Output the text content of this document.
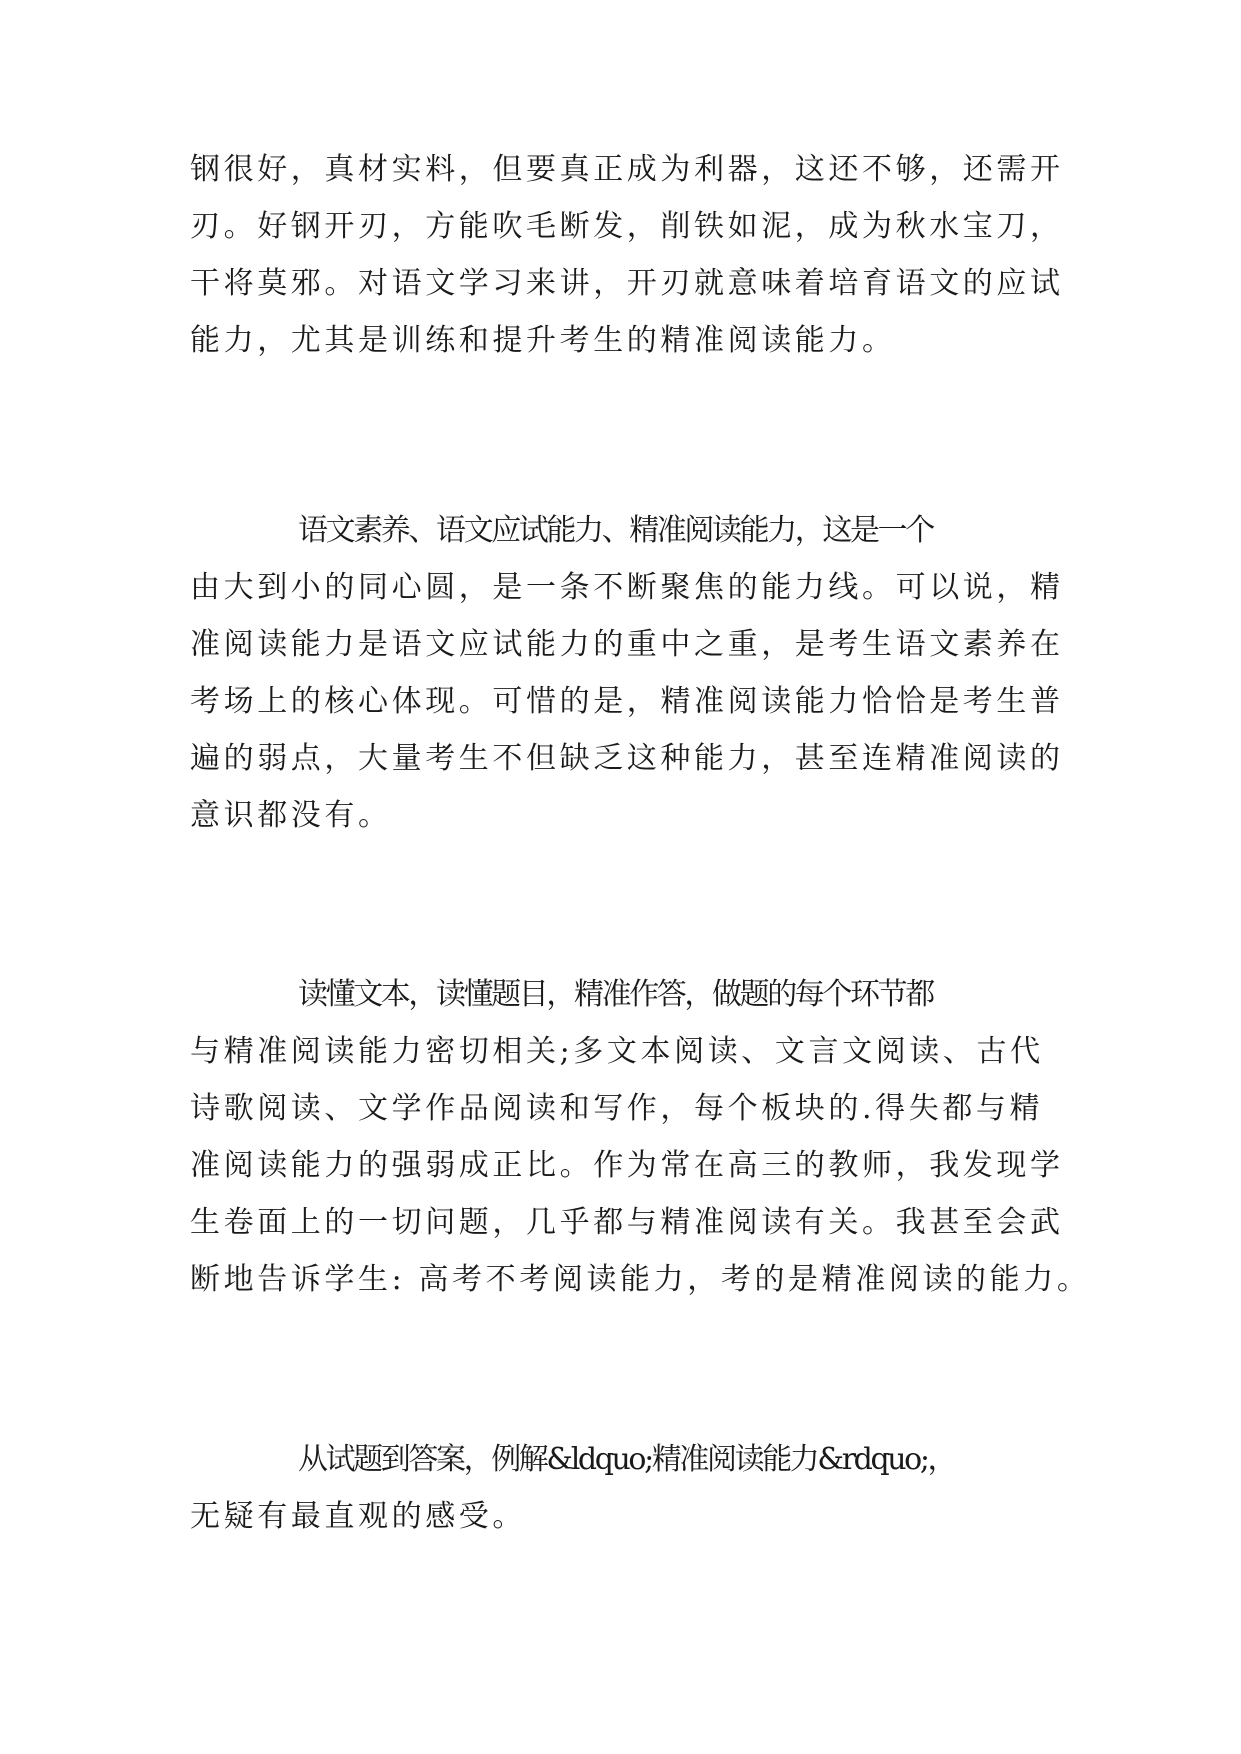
钢很好，真材实料，但要真正成为利器，这还不够，还需开
刃。好钢开刃，方能吹毛断发，削铁如泥，成为秋水宝刀，
干将莫邪。对语文学习来讲，开刃就意味着培育语文的应试
能力，尤其是训练和提升考生的精准阅读能力。
语文素养、语文应试能力、精准阅读能力，这是一个
由大到小的同心圆，是一条不断聚焦的能力线。可以说，精
准阅读能力是语文应试能力的重中之重，是考生语文素养在
考场上的核心体现。可惜的是，精准阅读能力恰恰是考生普
遍的弱点，大量考生不但缺乏这种能力，甚至连精准阅读的
意识都没有。
读懂文本，读懂题目，精准作答，做题的每个环节都
与精准阅读能力密切相关;多文本阅读、文言文阅读、古代
诗歌阅读、文学作品阅读和写作，每个板块的.得失都与精
准阅读能力的强弱成正比。作为常在高三的教师，我发现学
生卷面上的一切问题，几乎都与精准阅读有关。我甚至会武
断地告诉学生: 高考不考阅读能力，考的是精准阅读的能力。
从试题到答案，例解&ldquo;精准阅读能力&rdquo;，
无疑有最直观的感受。
